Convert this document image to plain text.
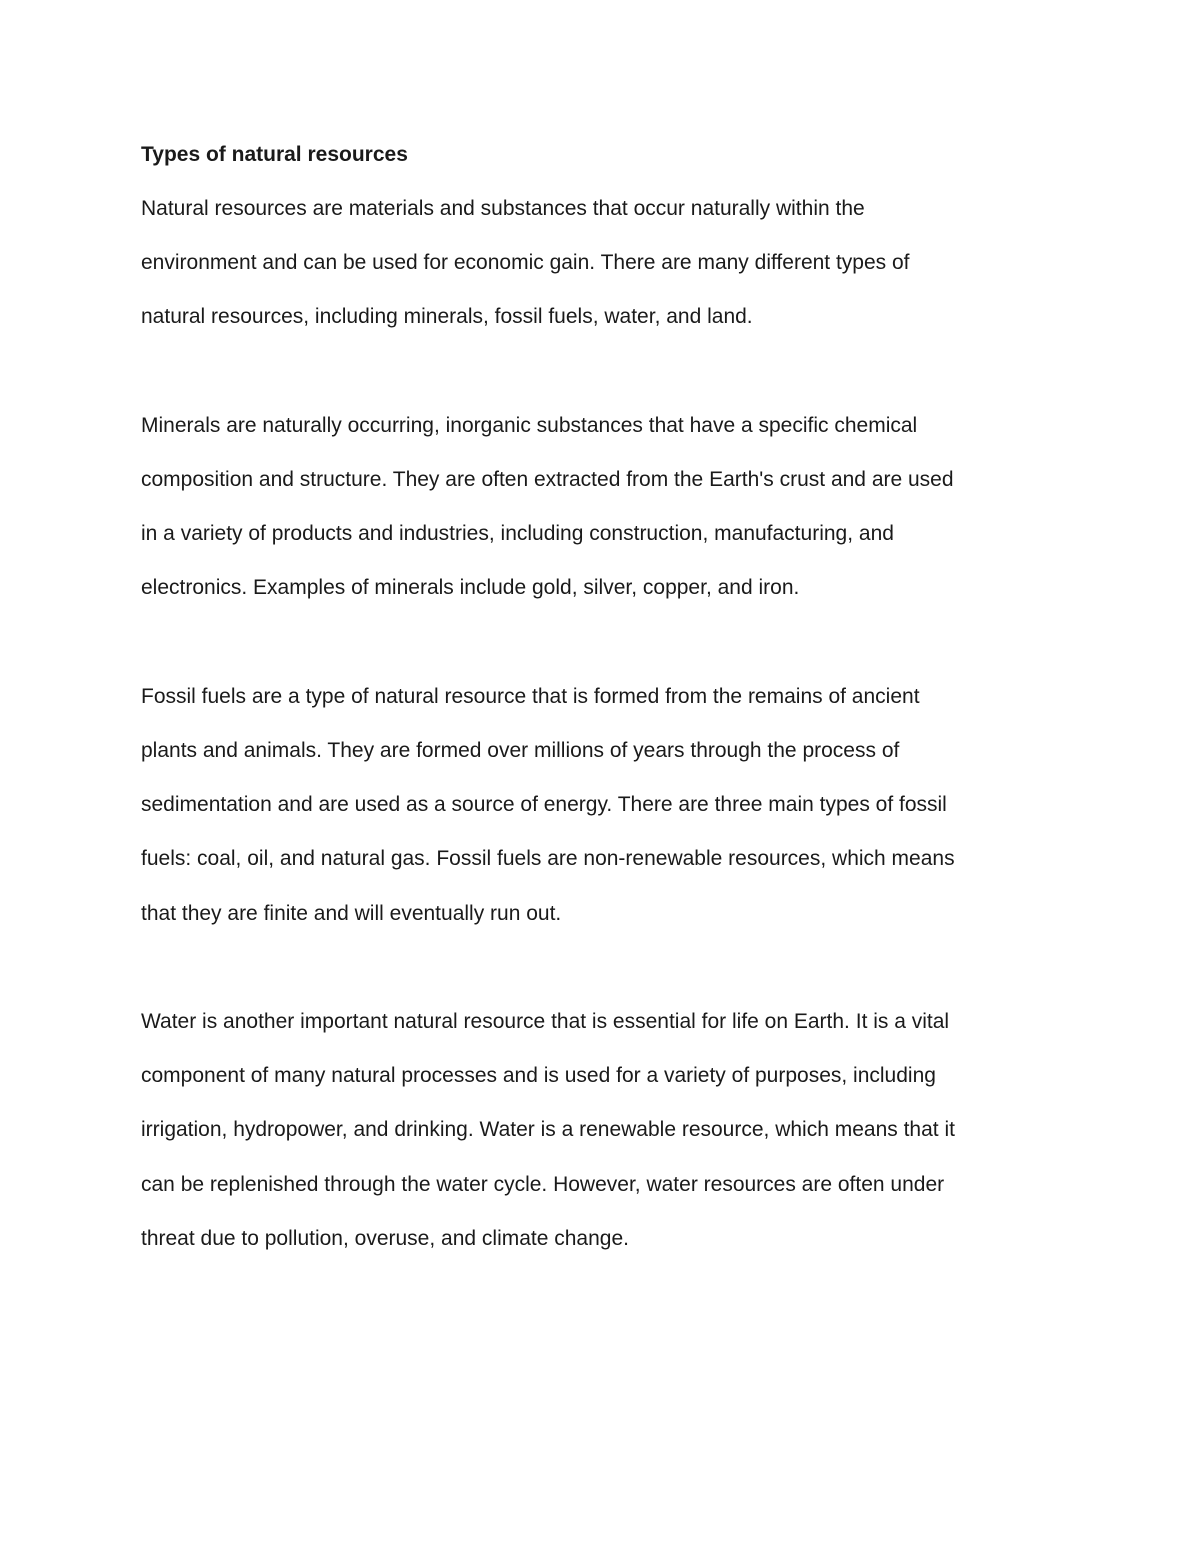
Types of natural resources

Natural resources are materials and substances that occur naturally within the
environment and can be used for economic gain. There are many different types of
natural resources, including minerals, fossil fuels, water, and land.

Minerals are naturally occurring, inorganic substances that have a specific chemical
composition and structure. They are often extracted from the Earth's crust and are used
in a variety of products and industries, including construction, manufacturing, and
electronics. Examples of minerals include gold, silver, copper, and iron.

Fossil fuels are a type of natural resource that is formed from the remains of ancient
plants and animals. They are formed over millions of years through the process of
sedimentation and are used as a source of energy. There are three main types of fossil
fuels: coal, oil, and natural gas. Fossil fuels are non-renewable resources, which means
that they are finite and will eventually run out.

Water is another important natural resource that is essential for life on Earth. It is a vital
component of many natural processes and is used for a variety of purposes, including
irrigation, hydropower, and drinking. Water is a renewable resource, which means that it
can be replenished through the water cycle. However, water resources are often under
threat due to pollution, overuse, and climate change.
